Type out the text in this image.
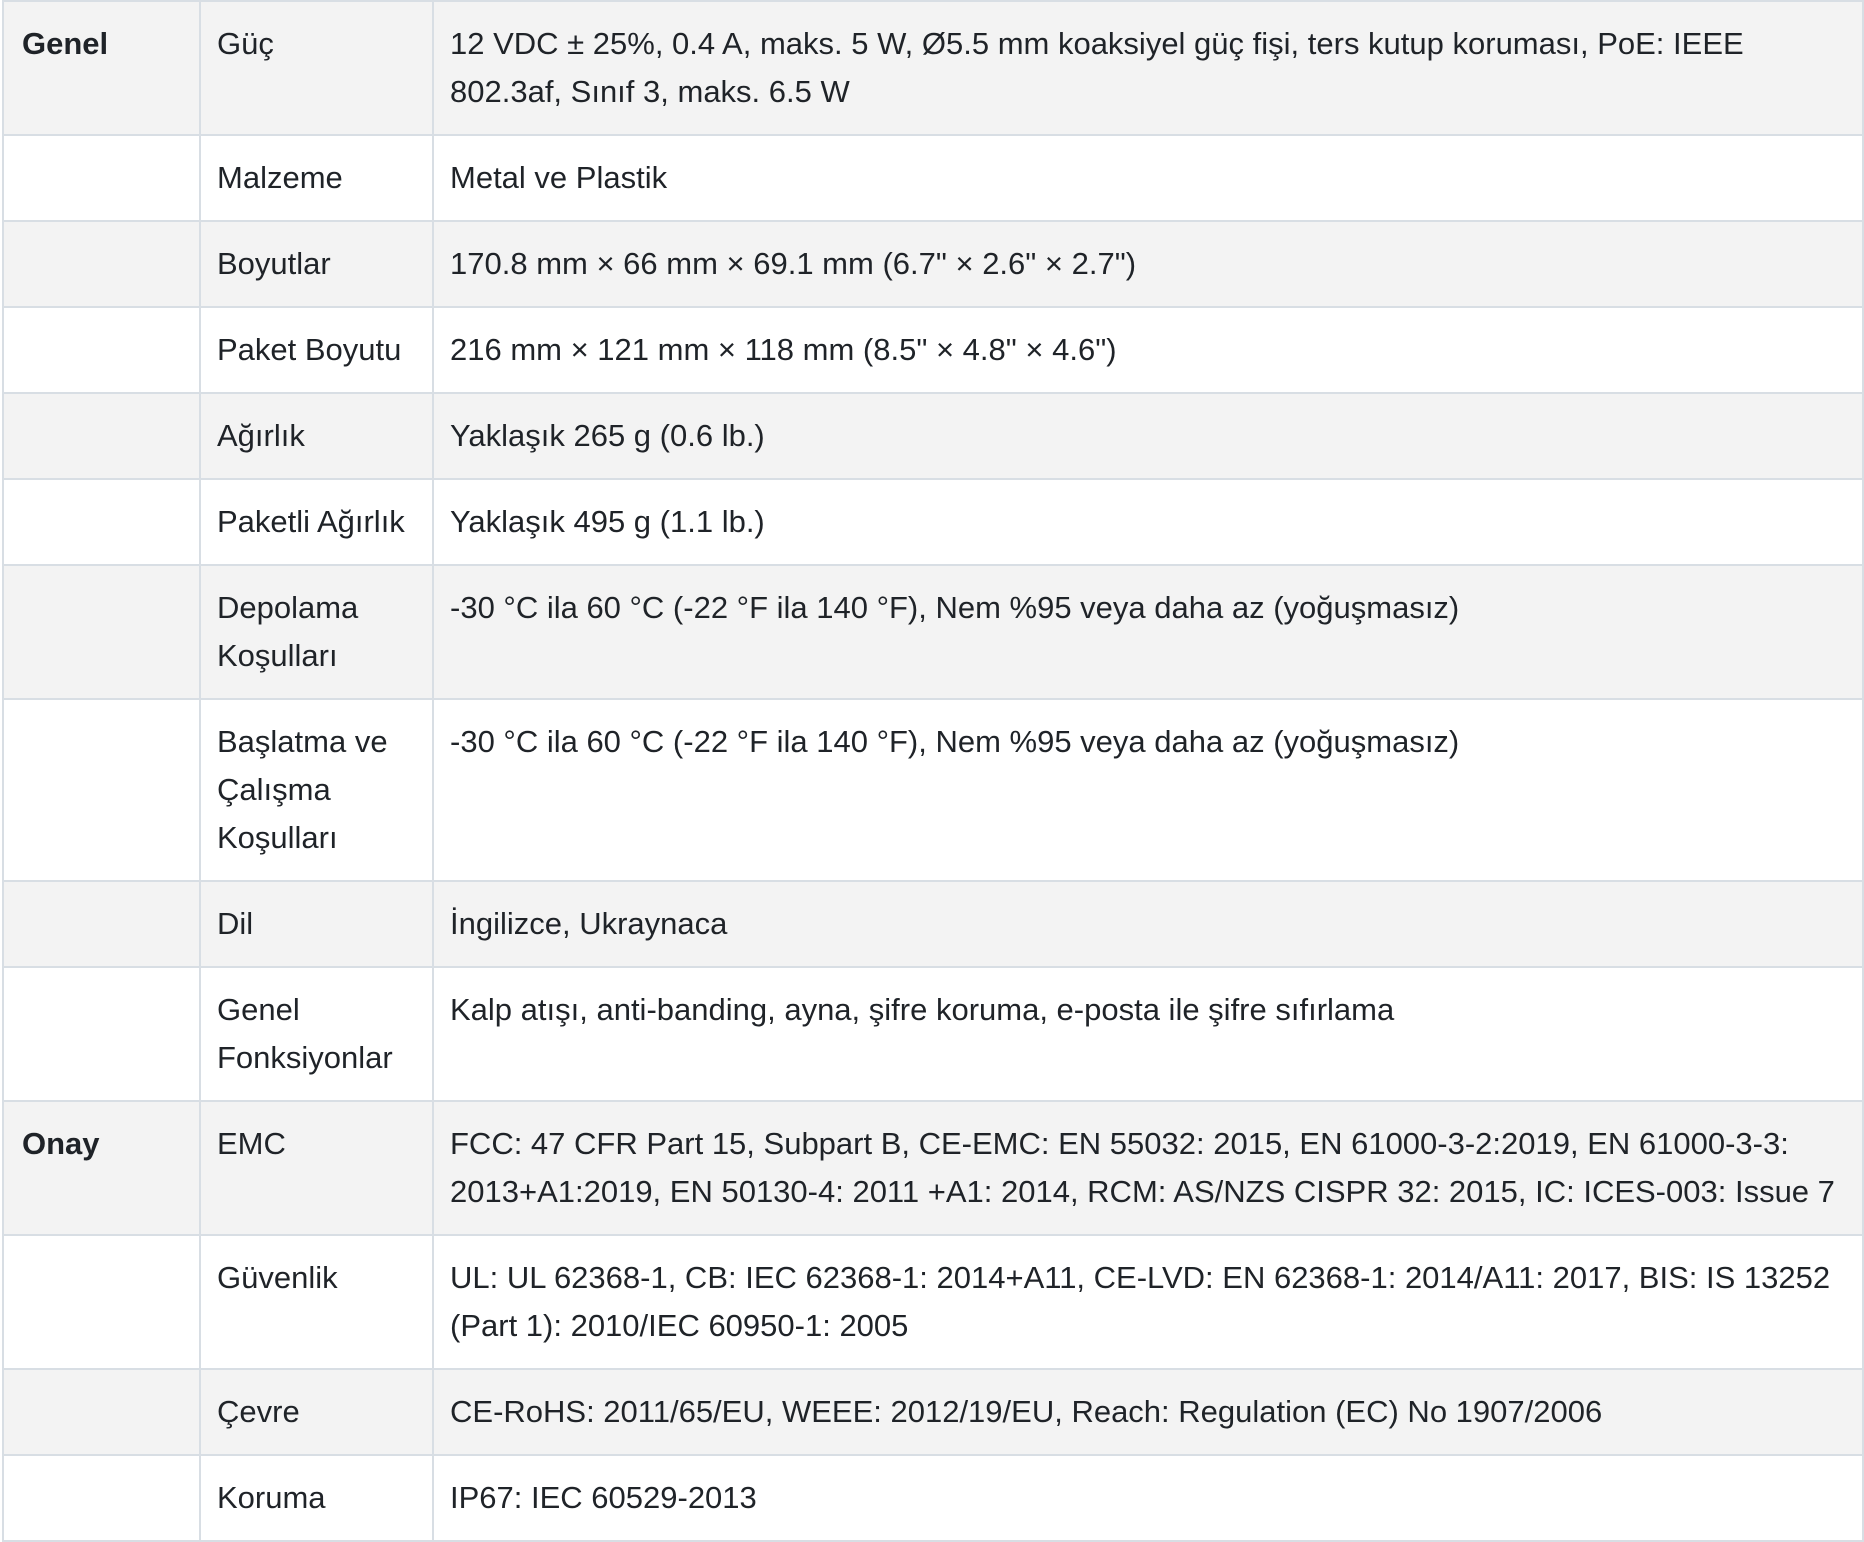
Genel	Güç	12 VDC ± 25%, 0.4 A, maks. 5 W, Ø5.5 mm koaksiyel güç fişi, ters kutup koruması, PoE: IEEE 802.3af, Sınıf 3, maks. 6.5 W
	Malzeme	Metal ve Plastik
	Boyutlar	170.8 mm × 66 mm × 69.1 mm (6.7" × 2.6" × 2.7")
	Paket Boyutu	216 mm × 121 mm × 118 mm (8.5" × 4.8" × 4.6")
	Ağırlık	Yaklaşık 265 g (0.6 lb.)
	Paketli Ağırlık	Yaklaşık 495 g (1.1 lb.)
	Depolama Koşulları	-30 °C ila 60 °C (-22 °F ila 140 °F), Nem %95 veya daha az (yoğuşmasız)
	Başlatma ve Çalışma Koşulları	-30 °C ila 60 °C (-22 °F ila 140 °F), Nem %95 veya daha az (yoğuşmasız)
	Dil	İngilizce, Ukraynaca
	Genel Fonksiyonlar	Kalp atışı, anti-banding, ayna, şifre koruma, e-posta ile şifre sıfırlama
Onay	EMC	FCC: 47 CFR Part 15, Subpart B, CE-EMC: EN 55032: 2015, EN 61000-3-2:2019, EN 61000-3-3: 2013+A1:2019, EN 50130-4: 2011 +A1: 2014, RCM: AS/NZS CISPR 32: 2015, IC: ICES-003: Issue 7
	Güvenlik	UL: UL 62368-1, CB: IEC 62368-1: 2014+A11, CE-LVD: EN 62368-1: 2014/A11: 2017, BIS: IS 13252 (Part 1): 2010/IEC 60950-1: 2005
	Çevre	CE-RoHS: 2011/65/EU, WEEE: 2012/19/EU, Reach: Regulation (EC) No 1907/2006
	Koruma	IP67: IEC 60529-2013
